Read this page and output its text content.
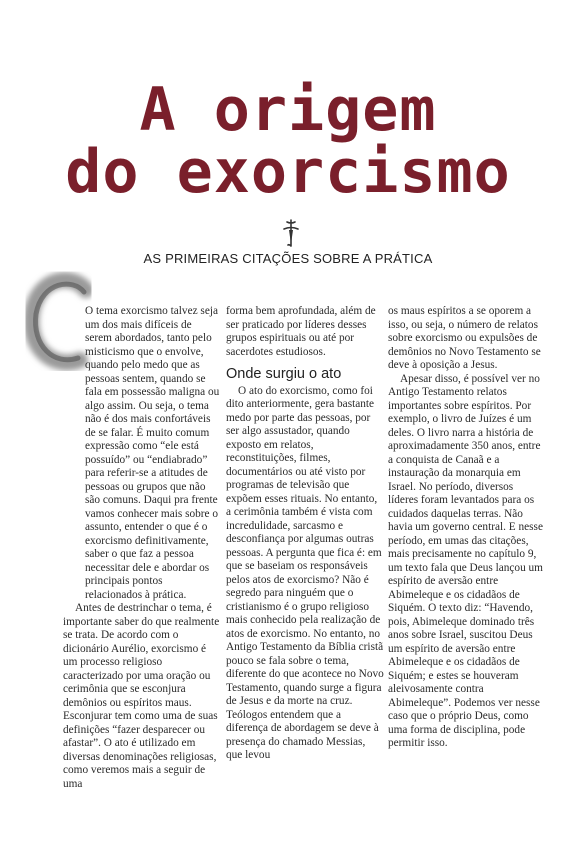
A origem
do exorcismo

AS PRIMEIRAS CITAÇÕES SOBRE A PRÁTICA

O tema exorcismo talvez seja um dos mais difíceis de serem abordados, tanto pelo misticismo que o envolve, quando pelo medo que as pessoas sentem, quando se fala em possessão maligna ou algo assim. Ou seja, o tema não é dos mais confortáveis de se falar. É muito comum expressão como “ele está possuído” ou “endiabrado” para referir-se a atitudes de pessoas ou grupos que não são comuns. Daqui pra frente vamos conhecer mais sobre o assunto, entender o que é o exorcismo definitivamente, saber o que faz a pessoa necessitar dele e abordar os principais pontos relacionados à prática.

Antes de destrinchar o tema, é importante saber do que realmente se trata. De acordo com o dicionário Aurélio, exorcismo é um processo religioso caracterizado por uma oração ou cerimônia que se esconjura demônios ou espíritos maus. Esconjurar tem como uma de suas definições “fazer desparecer ou afastar”. O ato é utilizado em diversas denominações religiosas, como veremos mais a seguir de uma

forma bem aprofundada, além de ser praticado por líderes desses grupos espirituais ou até por sacerdotes estudiosos.

Onde surgiu o ato

O ato do exorcismo, como foi dito anteriormente, gera bastante medo por parte das pessoas, por ser algo assustador, quando exposto em relatos, reconstituições, filmes, documentários ou até visto por programas de televisão que expõem esses rituais. No entanto, a cerimônia também é vista com incredulidade, sarcasmo e desconfiança por algumas outras pessoas. A pergunta que fica é: em que se baseiam os responsáveis pelos atos de exorcismo? Não é segredo para ninguém que o cristianismo é o grupo religioso mais conhecido pela realização de atos de exorcismo. No entanto, no Antigo Testamento da Bíblia cristã pouco se fala sobre o tema, diferente do que acontece no Novo Testamento, quando surge a figura de Jesus e da morte na cruz. Teólogos entendem que a diferença de abordagem se deve à presença do chamado Messias, que levou

os maus espíritos a se oporem a isso, ou seja, o número de relatos sobre exorcismo ou expulsões de demônios no Novo Testamento se deve à oposição a Jesus.

Apesar disso, é possível ver no Antigo Testamento relatos importantes sobre espíritos. Por exemplo, o livro de Juízes é um deles. O livro narra a história de aproximadamente 350 anos, entre a conquista de Canaã e a instauração da monarquia em Israel. No período, diversos líderes foram levantados para os cuidados daquelas terras. Não havia um governo central. E nesse período, em umas das citações, mais precisamente no capítulo 9, um texto fala que Deus lançou um espírito de aversão entre Abimeleque e os cidadãos de Siquém. O texto diz: “Havendo, pois, Abimeleque dominado três anos sobre Israel, suscitou Deus um espírito de aversão entre Abimeleque e os cidadãos de Siquém; e estes se houveram aleivosamente contra Abimeleque”. Podemos ver nesse caso que o próprio Deus, como uma forma de disciplina, pode permitir isso.
